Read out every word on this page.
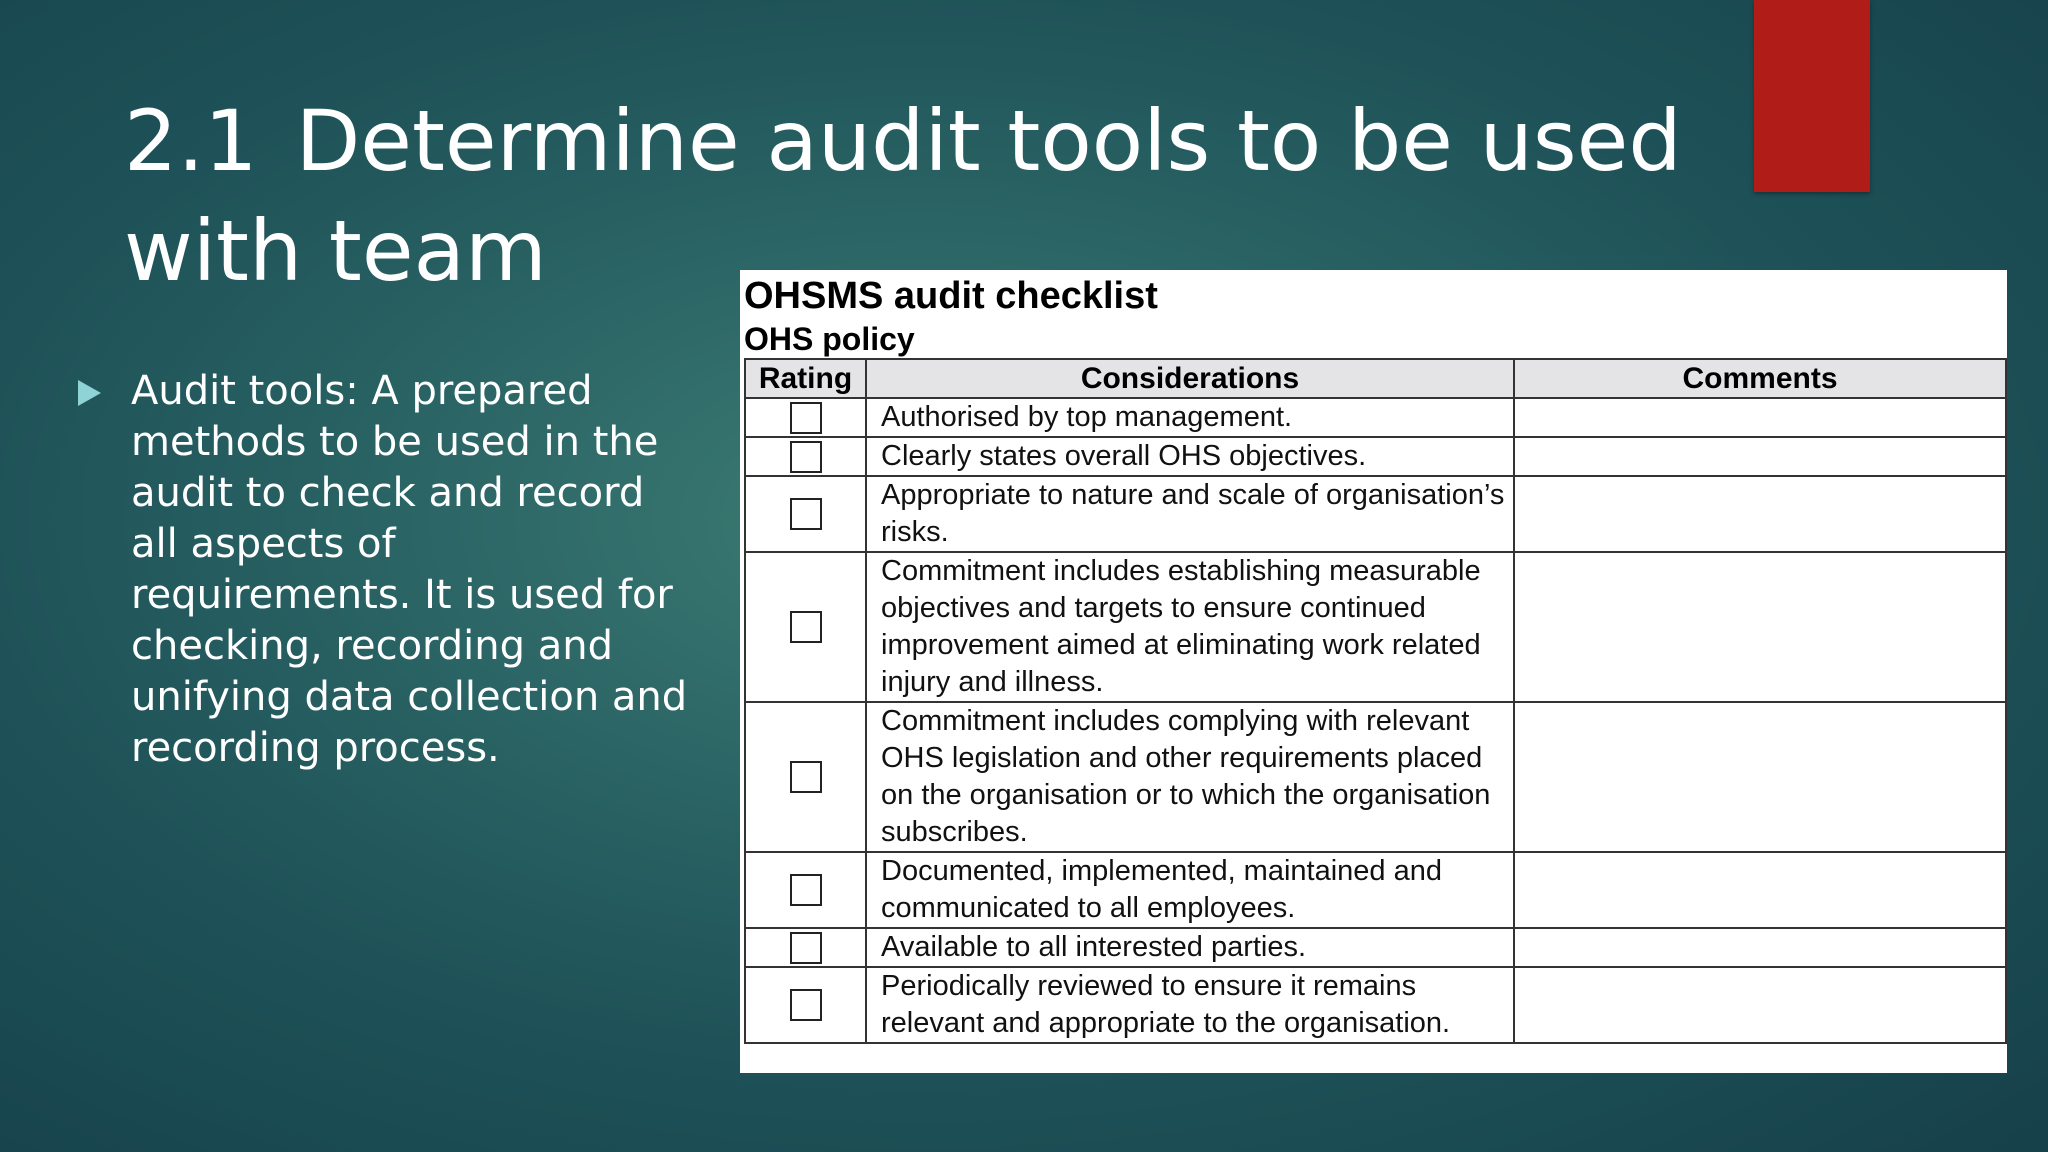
2.1 Determine audit tools to be used with team
Audit tools: A prepared methods to be used in the audit to check and record all aspects of requirements. It is used for checking, recording and unifying data collection and recording process.
OHSMS audit checklist
OHS policy
Rating	Considerations	Comments
	Authorised by top management.	
	Clearly states overall OHS objectives.	
	Appropriate to nature and scale of organisation’s risks.	
	Commitment includes establishing measurable objectives and targets to ensure continued improvement aimed at eliminating work related injury and illness.	
	Commitment includes complying with relevant OHS legislation and other requirements placed on the organisation or to which the organisation subscribes.	
	Documented, implemented, maintained and communicated to all employees.	
	Available to all interested parties.	
	Periodically reviewed to ensure it remains relevant and appropriate to the organisation.	
